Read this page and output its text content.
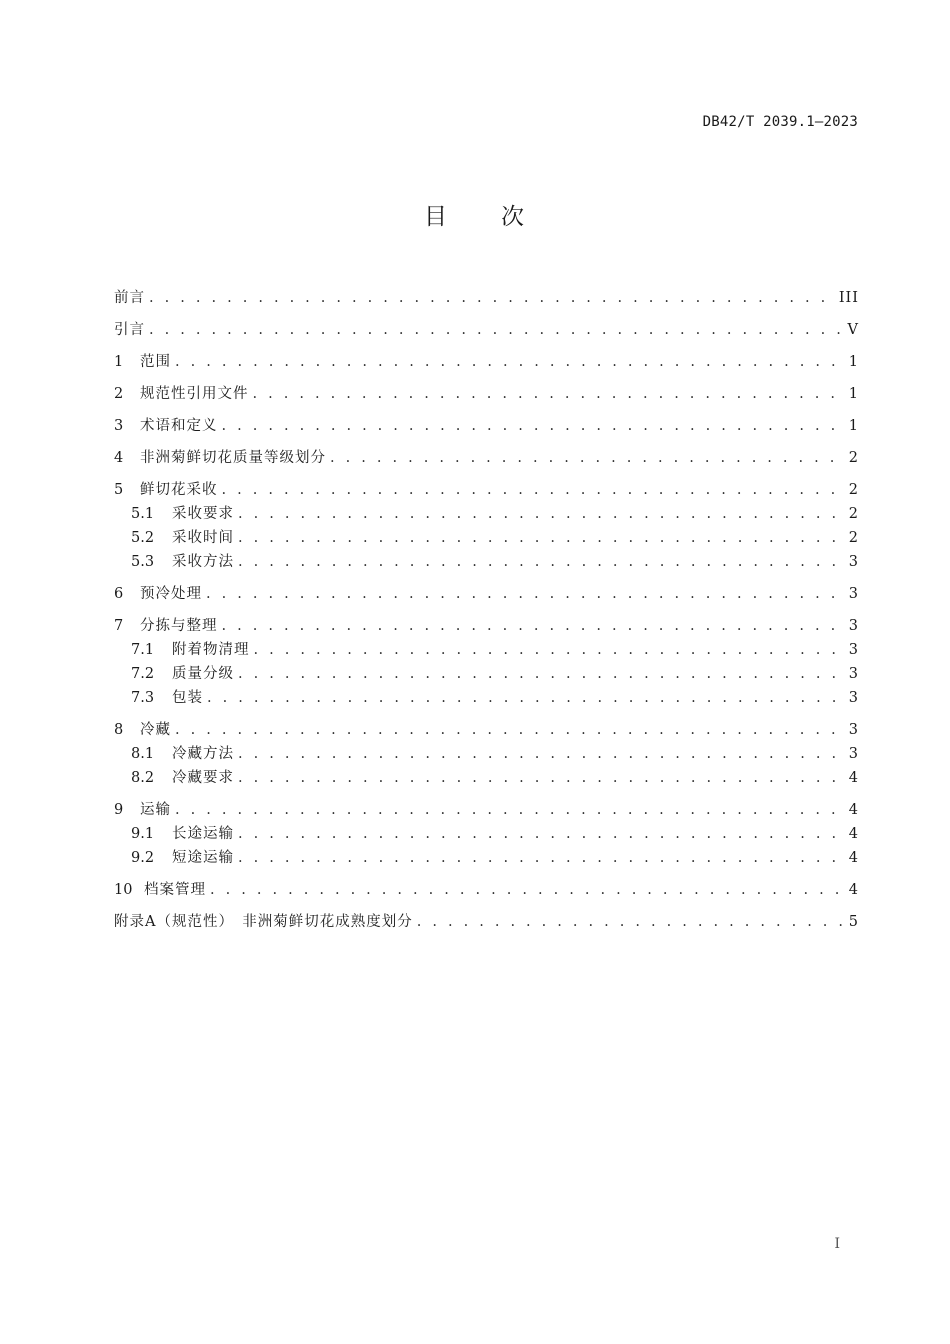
DB42/T 2039.1—2023
目 次
前言 . . .	III
引言 . . .	V
1	范围 . . .	1
2	规范性引用文件 . . .	1
3	术语和定义 . . .	1
4	非洲菊鲜切花质量等级划分 . . .	2
5	鲜切花采收 . . .	2
5.1	采收要求 . . .	2
5.2	采收时间 . . .	2
5.3	采收方法 . . .	3
6	预冷处理 . . .	3
7	分拣与整理 . . .	3
7.1	附着物清理 . . .	3
7.2	质量分级 . . .	3
7.3	包装 . . .	3
8	冷藏 . . .	3
8.1	冷藏方法 . . .	3
8.2	冷藏要求 . . .	4
9	运输 . . .	4
9.1	长途运输 . . .	4
9.2	短途运输 . . .	4
10 档案管理 . . .	4
附录A（规范性）　非洲菊鲜切花成熟度划分 . . .	5
I
